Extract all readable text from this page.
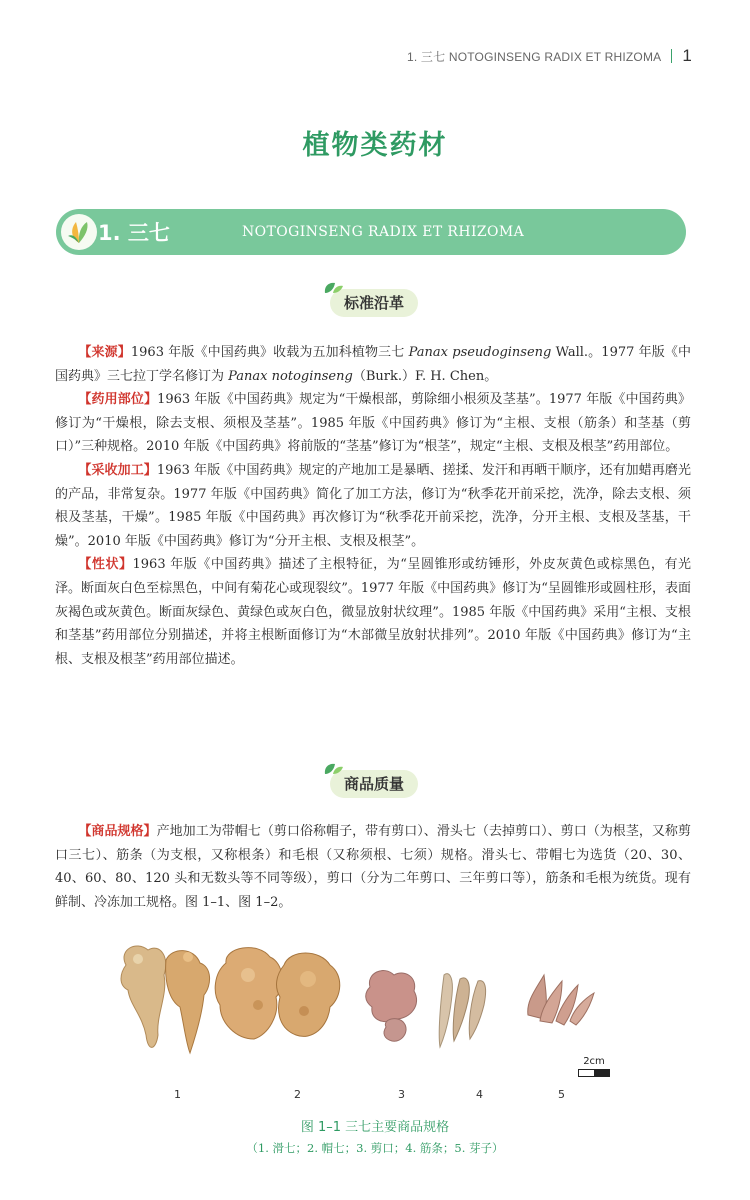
1. 三七 NOTOGINSENG RADIX ET RHIZOMA 1
植物类药材
1. 三七	NOTOGINSENG RADIX ET RHIZOMA
标准沿革

【来源】1963 年版《中国药典》收载为五加科植物三七 Panax pseudoginseng Wall.。1977 年版《中国药典》三七拉丁学名修订为 Panax notoginseng（Burk.）F. H. Chen。

【药用部位】1963 年版《中国药典》规定为“干燥根部，剪除细小根须及茎基”。1977 年版《中国药典》修订为“干燥根，除去支根、须根及茎基”。1985 年版《中国药典》修订为“主根、支根（筋条）和茎基（剪口）”三种规格。2010 年版《中国药典》将前版的“茎基”修订为“根茎”，规定“主根、支根及根茎”药用部位。

【采收加工】1963 年版《中国药典》规定的产地加工是暴晒、搓揉、发汗和再晒干顺序，还有加蜡再磨光的产品，非常复杂。1977 年版《中国药典》简化了加工方法，修订为“秋季花开前采挖，洗净，除去支根、须根及茎基，干燥”。1985 年版《中国药典》再次修订为“秋季花开前采挖，洗净，分开主根、支根及茎基，干燥”。2010 年版《中国药典》修订为“分开主根、支根及根茎”。

【性状】1963 年版《中国药典》描述了主根特征，为“呈圆锥形或纺锤形，外皮灰黄色或棕黑色，有光泽。断面灰白色至棕黑色，中间有菊花心或现裂纹”。1977 年版《中国药典》修订为“呈圆锥形或圆柱形，表面灰褐色或灰黄色。断面灰绿色、黄绿色或灰白色，微显放射状纹理”。1985 年版《中国药典》采用“主根、支根和茎基”药用部位分别描述，并将主根断面修订为“木部微呈放射状排列”。2010 年版《中国药典》修订为“主根、支根及根茎”药用部位描述。

商品质量

【商品规格】产地加工为带帽七（剪口俗称帽子，带有剪口）、滑头七（去掉剪口）、剪口（为根茎，又称剪口三七）、筋条（为支根，又称根条）和毛根（又称须根、七须）规格。滑头七、带帽七为选货（20、30、40、60、80、120 头和无数头等不同等级），剪口（分为二年剪口、三年剪口等），筋条和毛根为统货。现有鲜制、冷冻加工规格。图 1–1、图 1–2。

2cm
1	2	3	4	5
图 1–1 三七主要商品规格
（1. 滑七；2. 帽七；3. 剪口；4. 筋条；5. 芽子）
